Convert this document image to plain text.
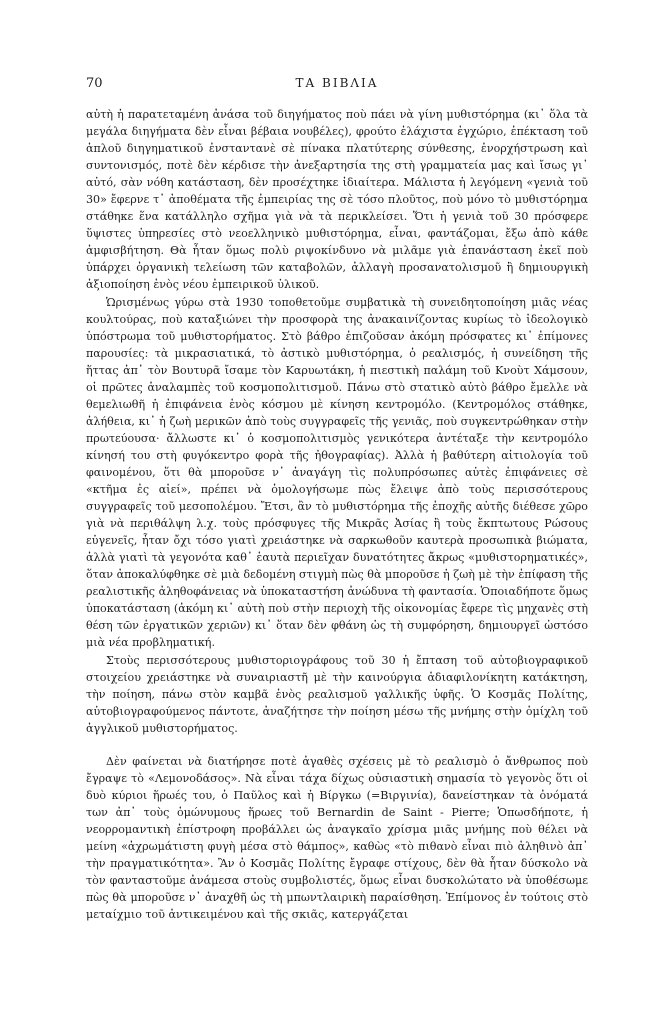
70	ΤΑ ΒΙΒΛΙΑ

αὐτὴ ἡ παρατεταμένη ἀνάσα τοῦ διηγήματος ποὺ πάει νὰ γίνη μυθιστόρημα (κι᾿ ὅλα τὰ μεγάλα διηγήματα δὲν εἶναι βέβαια νουβέλες), φρούτο ἐλάχιστα ἐγχώριο, ἐπέκταση τοῦ ἁπλοῦ διηγηματικοῦ ἐνσταντανὲ σὲ πίνακα πλατύτερης σύνθεσης, ἐνορχήστρωση καὶ συντονισμός, ποτὲ δὲν κέρδισε τὴν ἀνεξαρτησία της στὴ γραμματεία μας καὶ ἴσως γι᾿ αὐτό, σὰν νόθη κατάσταση, δὲν προσέχτηκε ἰδιαίτερα. Μάλιστα ἡ λεγόμενη «γενιὰ τοῦ 30» ἔφερνε τ᾿ ἀποθέματα τῆς ἐμπειρίας της σὲ τόσο πλοῦτος, ποὺ μόνο τὸ μυθιστόρημα στάθηκε ἕνα κατάλληλο σχῆμα γιὰ νὰ τὰ περικλείσει. Ὅτι ἡ γενιὰ τοῦ 30 πρόσφερε ὕψιστες ὑπηρεσίες στὸ νεοελληνικὸ μυθιστόρημα, εἶναι, φαντάζομαι, ἔξω ἀπὸ κάθε ἀμφισβήτηση. Θὰ ἦταν ὅμως πολὺ ριψοκίνδυνο νὰ μιλᾶμε γιὰ ἐπανάσταση ἐκεῖ ποὺ ὑπάρχει ὀργανικὴ τελείωση τῶν καταβολῶν, ἀλλαγὴ προσανατολισμοῦ ἢ δημιουργικὴ ἀξιοποίηση ἑνὸς νέου ἐμπειρικοῦ ὑλικοῦ.

Ὡρισμένως γύρω στὰ 1930 τοποθετοῦμε συμβατικὰ τὴ συνειδητοποίηση μιᾶς νέας κουλτούρας, ποὺ καταξιώνει τὴν προσφορὰ της ἀνακαινίζοντας κυρίως τὸ ἰδεολογικὸ ὑπόστρωμα τοῦ μυθιστορήματος. Στὸ βάθρο ἐπιζοῦσαν ἀκόμη πρόσφατες κι᾿ ἐπίμονες παρουσίες: τὰ μικρασιατικά, τὸ ἀστικὸ μυθιστόρημα, ὁ ρεαλισμός, ἡ συνείδηση τῆς ἥττας ἀπ᾿ τὸν Βουτυρᾶ ἴσαμε τὸν Καρυωτάκη, ἡ πιεστικὴ παλάμη τοῦ Κνοὺτ Χάμσουν, οἱ πρῶτες ἀναλαμπὲς τοῦ κοσμοπολιτισμοῦ. Πάνω στὸ στατικὸ αὐτὸ βάθρο ἔμελλε νὰ θεμελιωθῆ ἡ ἐπιφάνεια ἑνὸς κόσμου μὲ κίνηση κεντρομόλο. (Κεντρομόλος στάθηκε, ἀλήθεια, κι᾿ ἡ ζωὴ μερικῶν ἀπὸ τοὺς συγγραφεῖς τῆς γενιᾶς, ποὺ συγκεντρώθηκαν στὴν πρωτεύουσα· ἄλλωστε κι᾿ ὁ κοσμοπολιτισμὸς γενικότερα ἀντέταξε τὴν κεντρομόλο κίνησή του στὴ φυγόκεντρο φορὰ τῆς ἠθογραφίας). Ἀλλὰ ἡ βαθύτερη αἰτιολογία τοῦ φαινομένου, ὅτι θὰ μποροῦσε ν᾿ ἀναγάγη τὶς πολυπρόσωπες αὐτὲς ἐπιφάνειες σὲ «κτῆμα ἐς αἰεί», πρέπει νὰ ὁμολογήσωμε πὼς ἔλειψε ἀπὸ τοὺς περισσότερους συγγραφεῖς τοῦ μεσοπολέμου. Ἔτσι, ἂν τὸ μυθιστόρημα τῆς ἐποχῆς αὐτῆς διέθεσε χῶρο γιὰ νὰ περιθάλψη λ.χ. τοὺς πρόσφυγες τῆς Μικρᾶς Ἀσίας ἢ τοὺς ἔκπτωτους Ρώσους εὐγενεῖς, ἦταν ὄχι τόσο γιατὶ χρειάστηκε νὰ σαρκωθοῦν καυτερὰ προσωπικὰ βιώματα, ἀλλὰ γιατὶ τὰ γεγονότα καθ᾿ ἑαυτὰ περιεῖχαν δυνατότητες ἄκρως «μυθιστορηματικές», ὅταν ἀποκαλύφθηκε σὲ μιὰ δεδομένη στιγμὴ πὼς θὰ μποροῦσε ἡ ζωὴ μὲ τὴν ἐπίφαση τῆς ρεαλιστικῆς ἀληθοφάνειας νὰ ὑποκαταστήση ἀνώδυνα τὴ φαντασία. Ὁποιαδήποτε ὅμως ὑποκατάσταση (ἀκόμη κι᾿ αὐτὴ ποὺ στὴν περιοχὴ τῆς οἰκονομίας ἔφερε τὶς μηχανὲς στὴ θέση τῶν ἐργατικῶν χεριῶν) κι᾿ ὅταν δὲν φθάνη ὡς τὴ συμφόρηση, δημιουργεῖ ὡστόσο μιὰ νέα προβληματική.

Στοὺς περισσότερους μυθιστοριογράφους τοῦ 30 ἡ ἔπταση τοῦ αὐτοβιογραφικοῦ στοιχείου χρειάστηκε νὰ συναιριαστῆ μὲ τὴν καινούργια ἀδιαφιλονίκητη κατάκτηση, τὴν ποίηση, πάνω στὸν καμβᾶ ἑνὸς ρεαλισμοῦ γαλλικῆς ὑφῆς. Ὁ Κοσμᾶς Πολίτης, αὐτοβιογραφούμενος πάντοτε, ἀναζήτησε τὴν ποίηση μέσω τῆς μνήμης στὴν ὁμίχλη τοῦ ἀγγλικοῦ μυθιστορήματος.

Δὲν φαίνεται νὰ διατήρησε ποτὲ ἀγαθὲς σχέσεις μὲ τὸ ρεαλισμὸ ὁ ἄνθρωπος ποὺ ἔγραψε τὸ «Λεμονοδάσος». Νὰ εἶναι τάχα δίχως οὐσιαστικὴ σημασία τὸ γεγονὸς ὅτι οἱ δυὸ κύριοι ἥρωές του, ὁ Παῦλος καὶ ἡ Βίργκω (=Βιργινία), δανείστηκαν τὰ ὀνόματά των ἀπ᾿ τοὺς ὁμώνυμους ἥρωες τοῦ Bernardin de Saint - Pierre; Ὁπωσδήποτε, ἡ νεορρομαντικὴ ἐπίστροφη προβάλλει ὡς ἀναγκαῖο χρίσμα μιᾶς μνήμης ποὺ θέλει νὰ μείνη «ἀχρωμάτιστη φυγὴ μέσα στὸ θάμπος», καθὼς «τὸ πιθανὸ εἶναι πιὸ ἀληθινὸ ἀπ᾿ τὴν πραγματικότητα». Ἂν ὁ Κοσμᾶς Πολίτης ἔγραφε στίχους, δὲν θὰ ἦταν δύσκολο νὰ τὸν φανταστοῦμε ἀνάμεσα στοὺς συμβολιστές, ὅμως εἶναι δυσκολώτατο νὰ ὑποθέσωμε πὼς θὰ μποροῦσε ν᾿ ἀναχθῆ ὡς τὴ μπωντλαιρικὴ παραίσθηση. Ἐπίμονος ἐν τούτοις στὸ μεταίχμιο τοῦ ἀντικειμένου καὶ τῆς σκιᾶς, κατεργάζεται
